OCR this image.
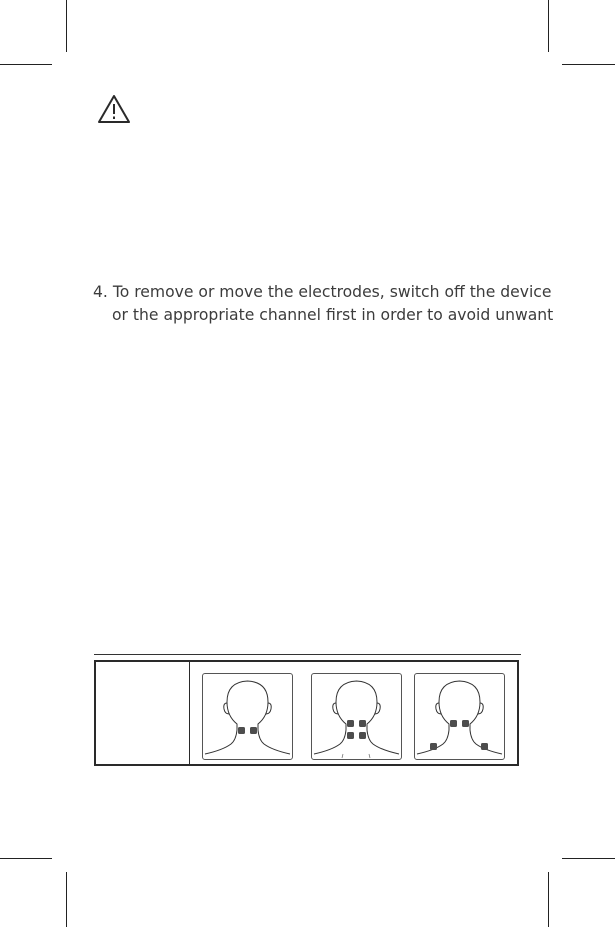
4. To remove or move the electrodes, switch off the device
or the appropriate channel first in order to avoid unwant
